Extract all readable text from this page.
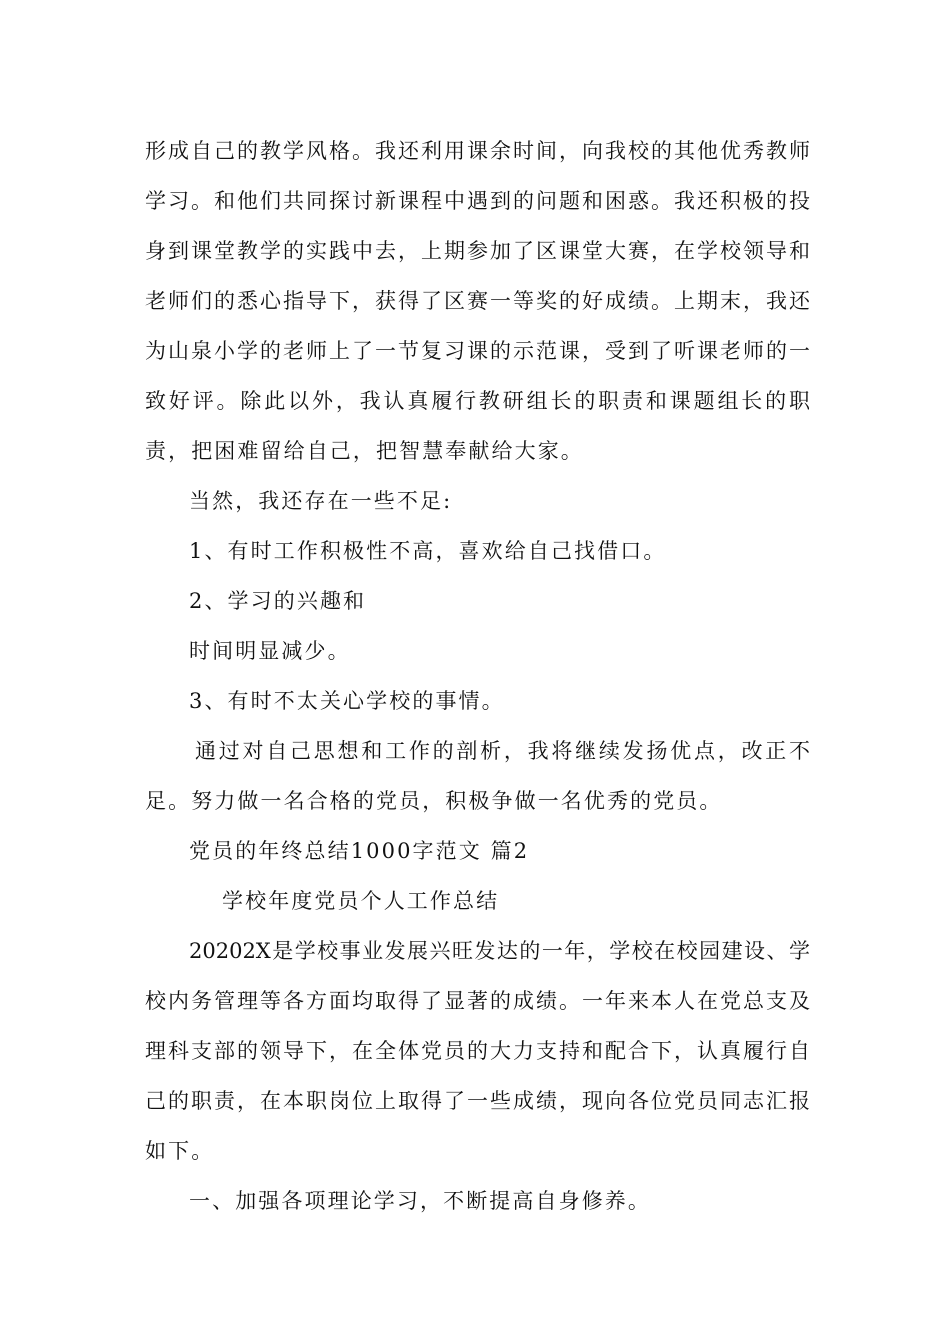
形成自己的教学风格。我还利用课余时间，向我校的其他优秀教师
学习。和他们共同探讨新课程中遇到的问题和困惑。我还积极的投
身到课堂教学的实践中去，上期参加了区课堂大赛，在学校领导和
老师们的悉心指导下，获得了区赛一等奖的好成绩。上期末，我还
为山泉小学的老师上了一节复习课的示范课，受到了听课老师的一
致好评。除此以外，我认真履行教研组长的职责和课题组长的职
责，把困难留给自己，把智慧奉献给大家。
当然，我还存在一些不足:
1、有时工作积极性不高，喜欢给自己找借口。
2、学习的兴趣和
时间明显减少。
3、有时不太关心学校的事情。
通过对自己思想和工作的剖析，我将继续发扬优点，改正不
足。努力做一名合格的党员，积极争做一名优秀的党员。
党员的年终总结1000字范文 篇2
学校年度党员个人工作总结
20202X是学校事业发展兴旺发达的一年，学校在校园建设、学
校内务管理等各方面均取得了显著的成绩。一年来本人在党总支及
理科支部的领导下，在全体党员的大力支持和配合下，认真履行自
己的职责，在本职岗位上取得了一些成绩，现向各位党员同志汇报
如下。
一、加强各项理论学习，不断提高自身修养。
